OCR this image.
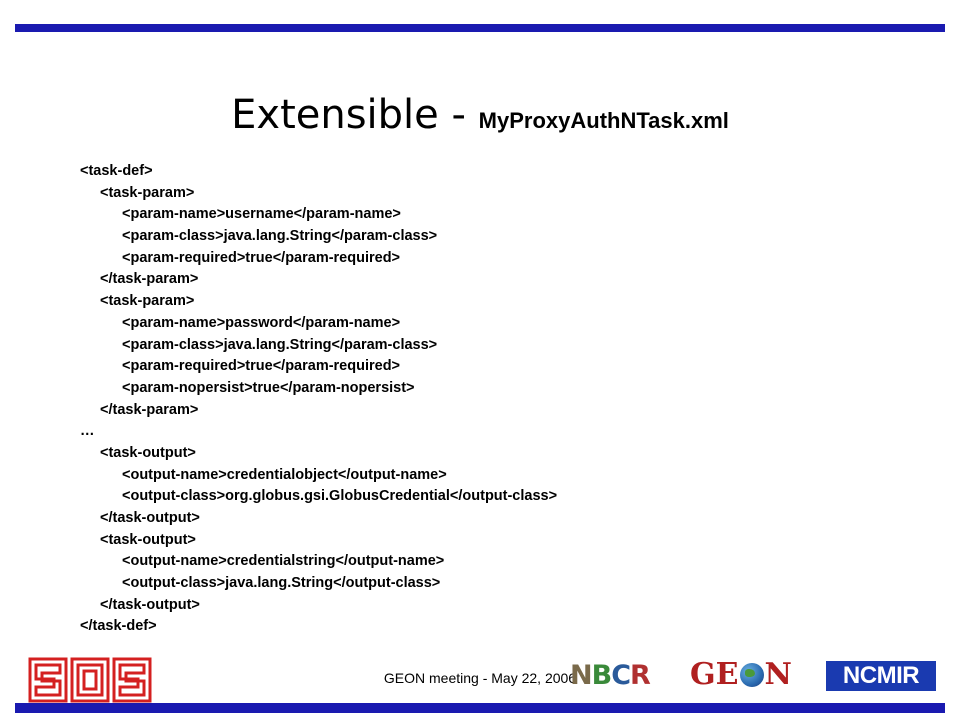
Extensible - MyProxyAuthNTask.xml
<task-def>
<task-param>
<param-name>username</param-name>
<param-class>java.lang.String</param-class>
<param-required>true</param-required>
</task-param>
<task-param>
<param-name>password</param-name>
<param-class>java.lang.String</param-class>
<param-required>true</param-required>
<param-nopersist>true</param-nopersist>
</task-param>
…
<task-output>
<output-name>credentialobject</output-name>
<output-class>org.globus.gsi.GlobusCredential</output-class>
</task-output>
<task-output>
<output-name>credentialstring</output-name>
<output-class>java.lang.String</output-class>
</task-output>
</task-def>
GEON meeting - May 22, 2006
NBCR	GE N	NCMIR
